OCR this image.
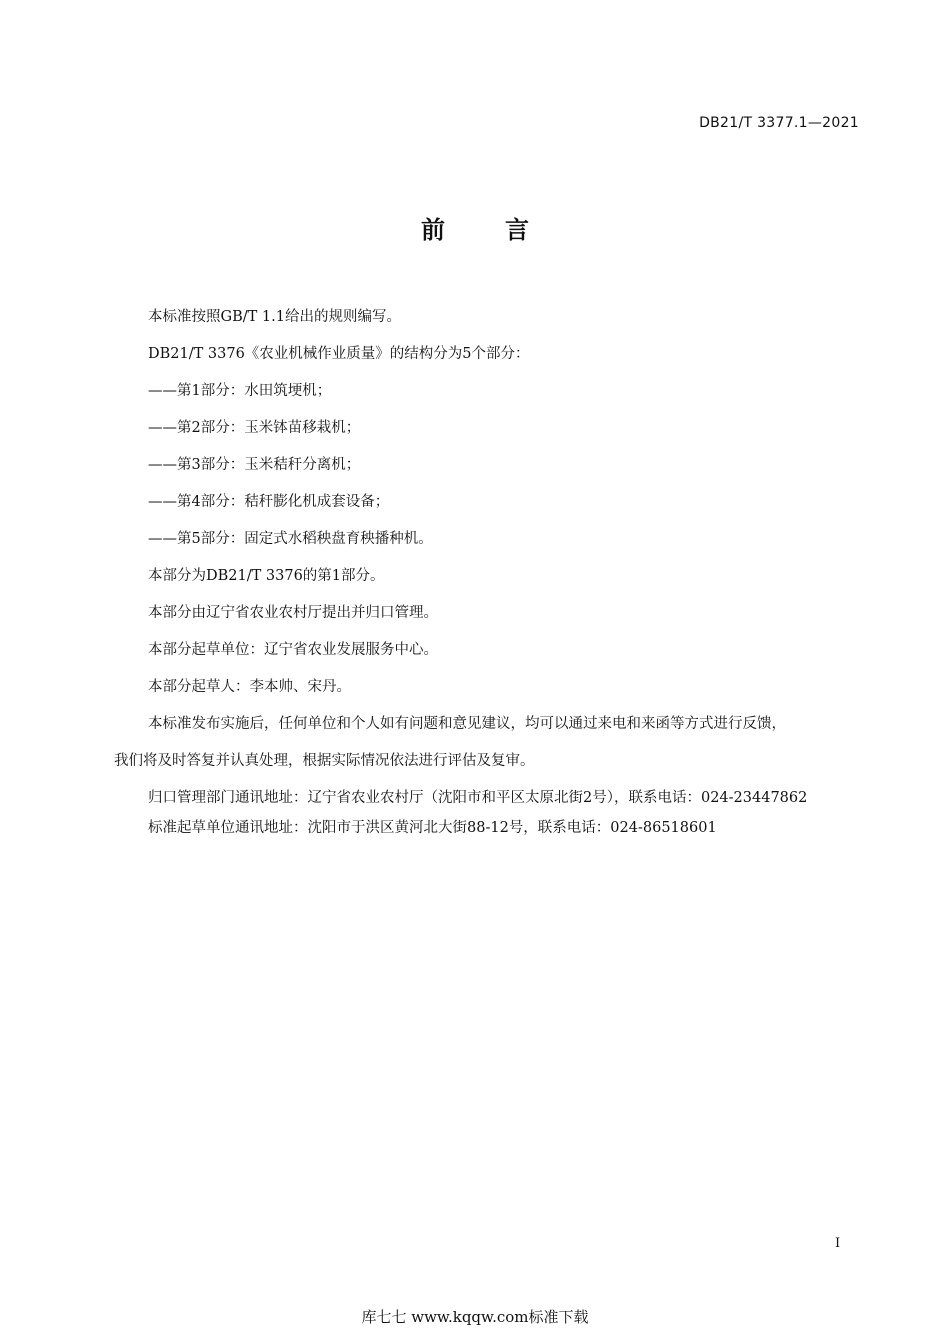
DB21/T 3377.1—2021
前言
本标准按照GB/T 1.1给出的规则编写。
DB21/T 3376《农业机械作业质量》的结构分为5个部分：
——第1部分：水田筑埂机；
——第2部分：玉米钵苗移栽机；
——第3部分：玉米秸秆分离机；
——第4部分：秸秆膨化机成套设备；
——第5部分：固定式水稻秧盘育秧播种机。
本部分为DB21/T 3376的第1部分。
本部分由辽宁省农业农村厅提出并归口管理。
本部分起草单位：辽宁省农业发展服务中心。
本部分起草人：李本帅、宋丹。
本标准发布实施后，任何单位和个人如有问题和意见建议，均可以通过来电和来函等方式进行反馈，
我们将及时答复并认真处理，根据实际情况依法进行评估及复审。
归口管理部门通讯地址：辽宁省农业农村厅（沈阳市和平区太原北街2号），联系电话：024-23447862
标准起草单位通讯地址：沈阳市于洪区黄河北大街88-12号，联系电话：024-86518601
I
库七七 www.kqqw.com标准下载
